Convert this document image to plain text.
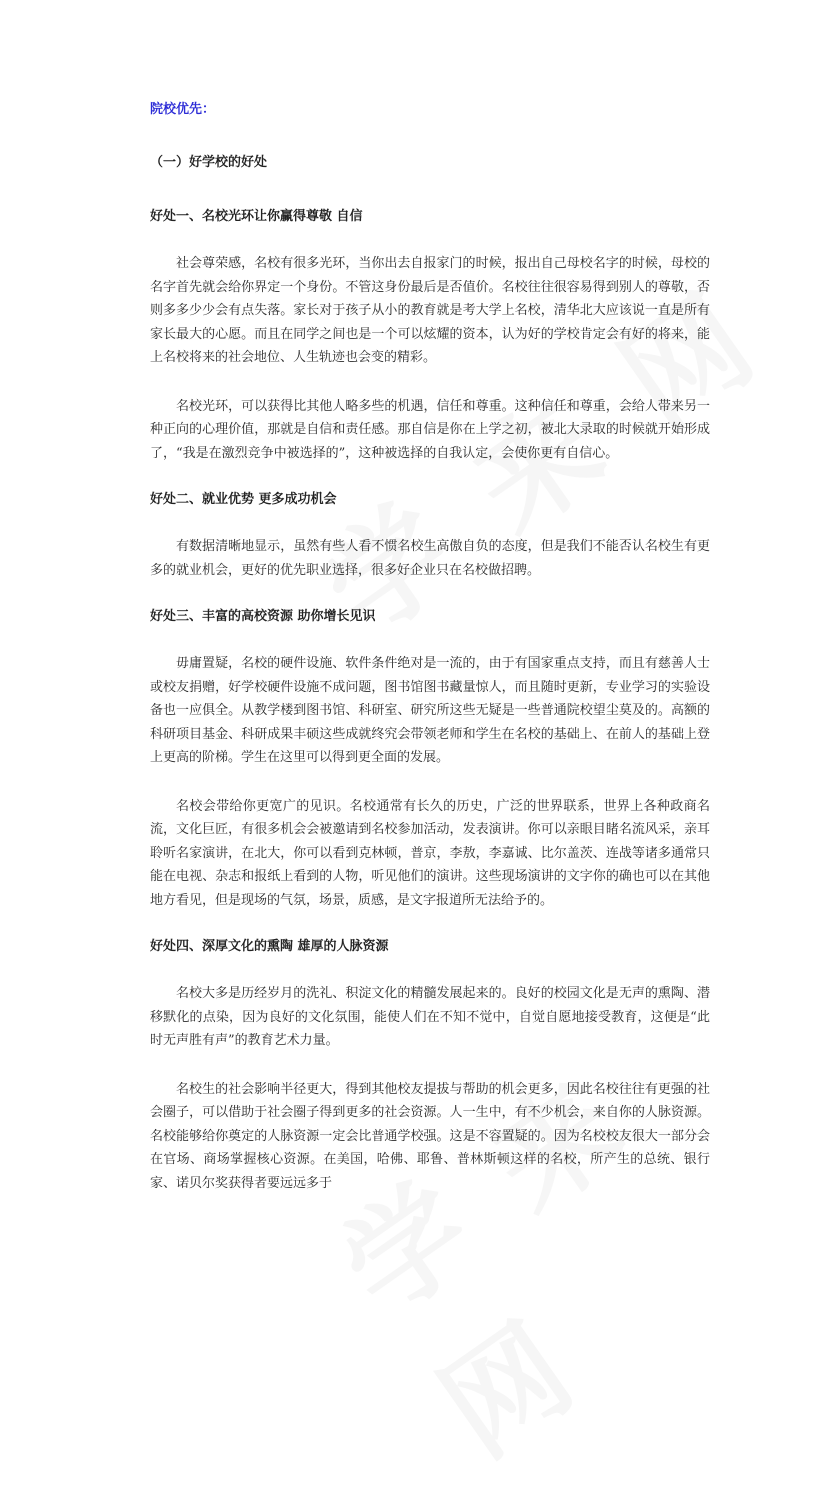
院校优先：
（一）好学校的好处
好处一、名校光环让你赢得尊敬 自信

社会尊荣感，名校有很多光环，当你出去自报家门的时候，报出自己母校名字的时候，母校的名字首先就会给你界定一个身份。不管这身份最后是否值价。名校往往很容易得到别人的尊敬，否则多多少少会有点失落。家长对于孩子从小的教育就是考大学上名校，清华北大应该说一直是所有家长最大的心愿。而且在同学之间也是一个可以炫耀的资本，认为好的学校肯定会有好的将来，能上名校将来的社会地位、人生轨迹也会变的精彩。

名校光环，可以获得比其他人略多些的机遇，信任和尊重。这种信任和尊重，会给人带来另一种正向的心理价值，那就是自信和责任感。那自信是你在上学之初，被北大录取的时候就开始形成了，“我是在激烈竞争中被选择的”，这种被选择的自我认定，会使你更有自信心。

好处二、就业优势 更多成功机会

有数据清晰地显示，虽然有些人看不惯名校生高傲自负的态度，但是我们不能否认名校生有更多的就业机会，更好的优先职业选择，很多好企业只在名校做招聘。

好处三、丰富的高校资源 助你增长见识

毋庸置疑，名校的硬件设施、软件条件绝对是一流的，由于有国家重点支持，而且有慈善人士或校友捐赠，好学校硬件设施不成问题，图书馆图书藏量惊人，而且随时更新，专业学习的实验设备也一应俱全。从教学楼到图书馆、科研室、研究所这些无疑是一些普通院校望尘莫及的。高额的科研项目基金、科研成果丰硕这些成就终究会带领老师和学生在名校的基础上、在前人的基础上登上更高的阶梯。学生在这里可以得到更全面的发展。

名校会带给你更宽广的见识。名校通常有长久的历史，广泛的世界联系，世界上各种政商名流，文化巨匠，有很多机会会被邀请到名校参加活动，发表演讲。你可以亲眼目睹名流风采，亲耳聆听名家演讲，在北大，你可以看到克林顿，普京，李敖，李嘉诚、比尔盖茨、连战等诸多通常只能在电视、杂志和报纸上看到的人物，听见他们的演讲。这些现场演讲的文字你的确也可以在其他地方看见，但是现场的气氛，场景，质感，是文字报道所无法给予的。

好处四、深厚文化的熏陶 雄厚的人脉资源

名校大多是历经岁月的洗礼、积淀文化的精髓发展起来的。良好的校园文化是无声的熏陶、潜移默化的点染，因为良好的文化氛围，能使人们在不知不觉中，自觉自愿地接受教育，这便是“此时无声胜有声”的教育艺术力量。

名校生的社会影响半径更大，得到其他校友提拔与帮助的机会更多，因此名校往往有更强的社会圈子，可以借助于社会圈子得到更多的社会资源。人一生中，有不少机会，来自你的人脉资源。名校能够给你奠定的人脉资源一定会比普通学校强。这是不容置疑的。因为名校校友很大一部分会在官场、商场掌握核心资源。在美国，哈佛、耶鲁、普林斯顿这样的名校，所产生的总统、银行家、诺贝尔奖获得者要远远多于
